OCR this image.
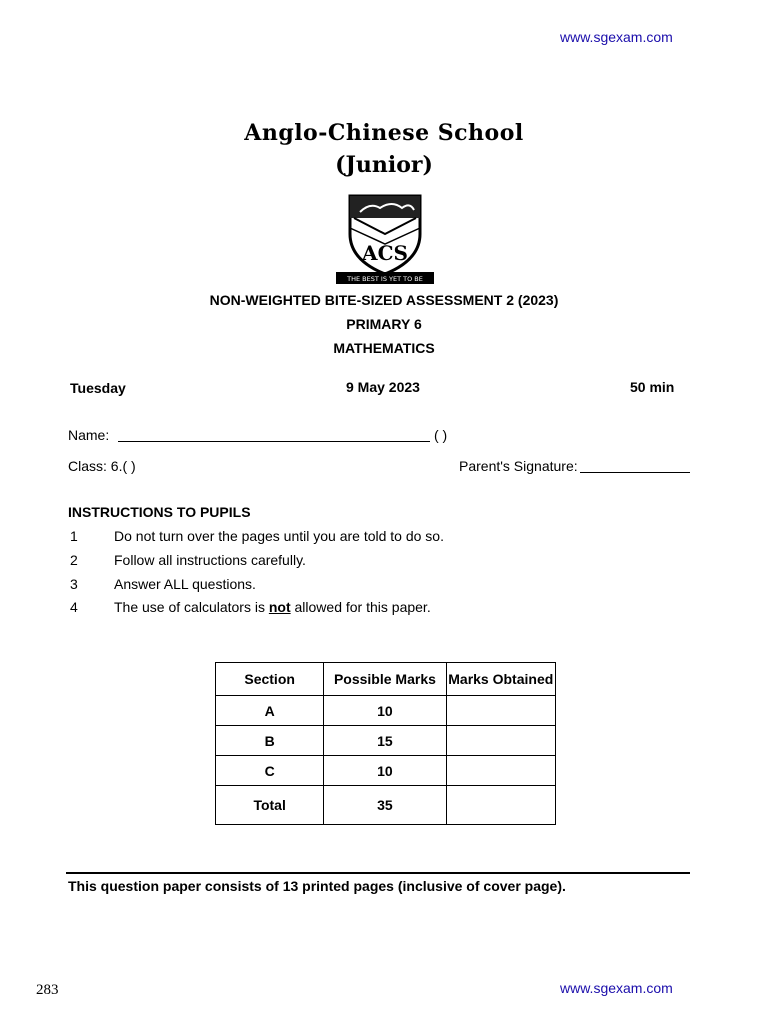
www.sgexam.com
Anglo-Chinese School
(Junior)
ACS
THE BEST IS YET TO BE
NON-WEIGHTED BITE-SIZED ASSESSMENT 2 (2023)
PRIMARY 6
MATHEMATICS
Tuesday	9 May 2023	50 min
Name:	( )
Class: 6.( )	Parent's Signature:
INSTRUCTIONS TO PUPILS
1	Do not turn over the pages until you are told to do so.
2	Follow all instructions carefully.
3	Answer ALL questions.
4	The use of calculators is not allowed for this paper.
Section	Possible Marks	Marks Obtained
A	10	
B	15	
C	10	
Total	35	
This question paper consists of 13 printed pages (inclusive of cover page).
283	www.sgexam.com
